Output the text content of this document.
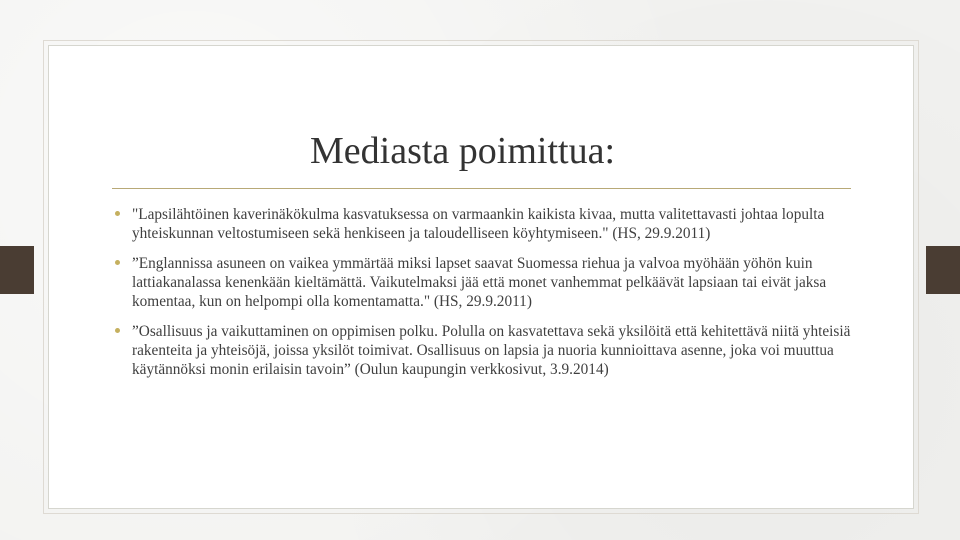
Mediasta poimittua:
"Lapsilähtöinen kaverinäkökulma kasvatuksessa on varmaankin kaikista kivaa, mutta valitettavasti johtaa lopulta yhteiskunnan veltostumiseen sekä henkiseen ja taloudelliseen köyhtymiseen." (HS, 29.9.2011)
”Englannissa asuneen on vaikea ymmärtää miksi lapset saavat Suomessa riehua ja valvoa myöhään yöhön kuin lattiakanalassa kenenkään kieltämättä. Vaikutelmaksi jää että monet vanhemmat pelkäävät lapsiaan tai eivät jaksa komentaa, kun on helpompi olla komentamatta." (HS, 29.9.2011)
”Osallisuus ja vaikuttaminen on oppimisen polku. Polulla on kasvatettava sekä yksilöitä että kehitettävä niitä yhteisiä rakenteita ja yhteisöjä, joissa yksilöt toimivat. Osallisuus on lapsia ja nuoria kunnioittava asenne, joka voi muuttua käytännöksi monin erilaisin tavoin” (Oulun kaupungin verkkosivut, 3.9.2014)
